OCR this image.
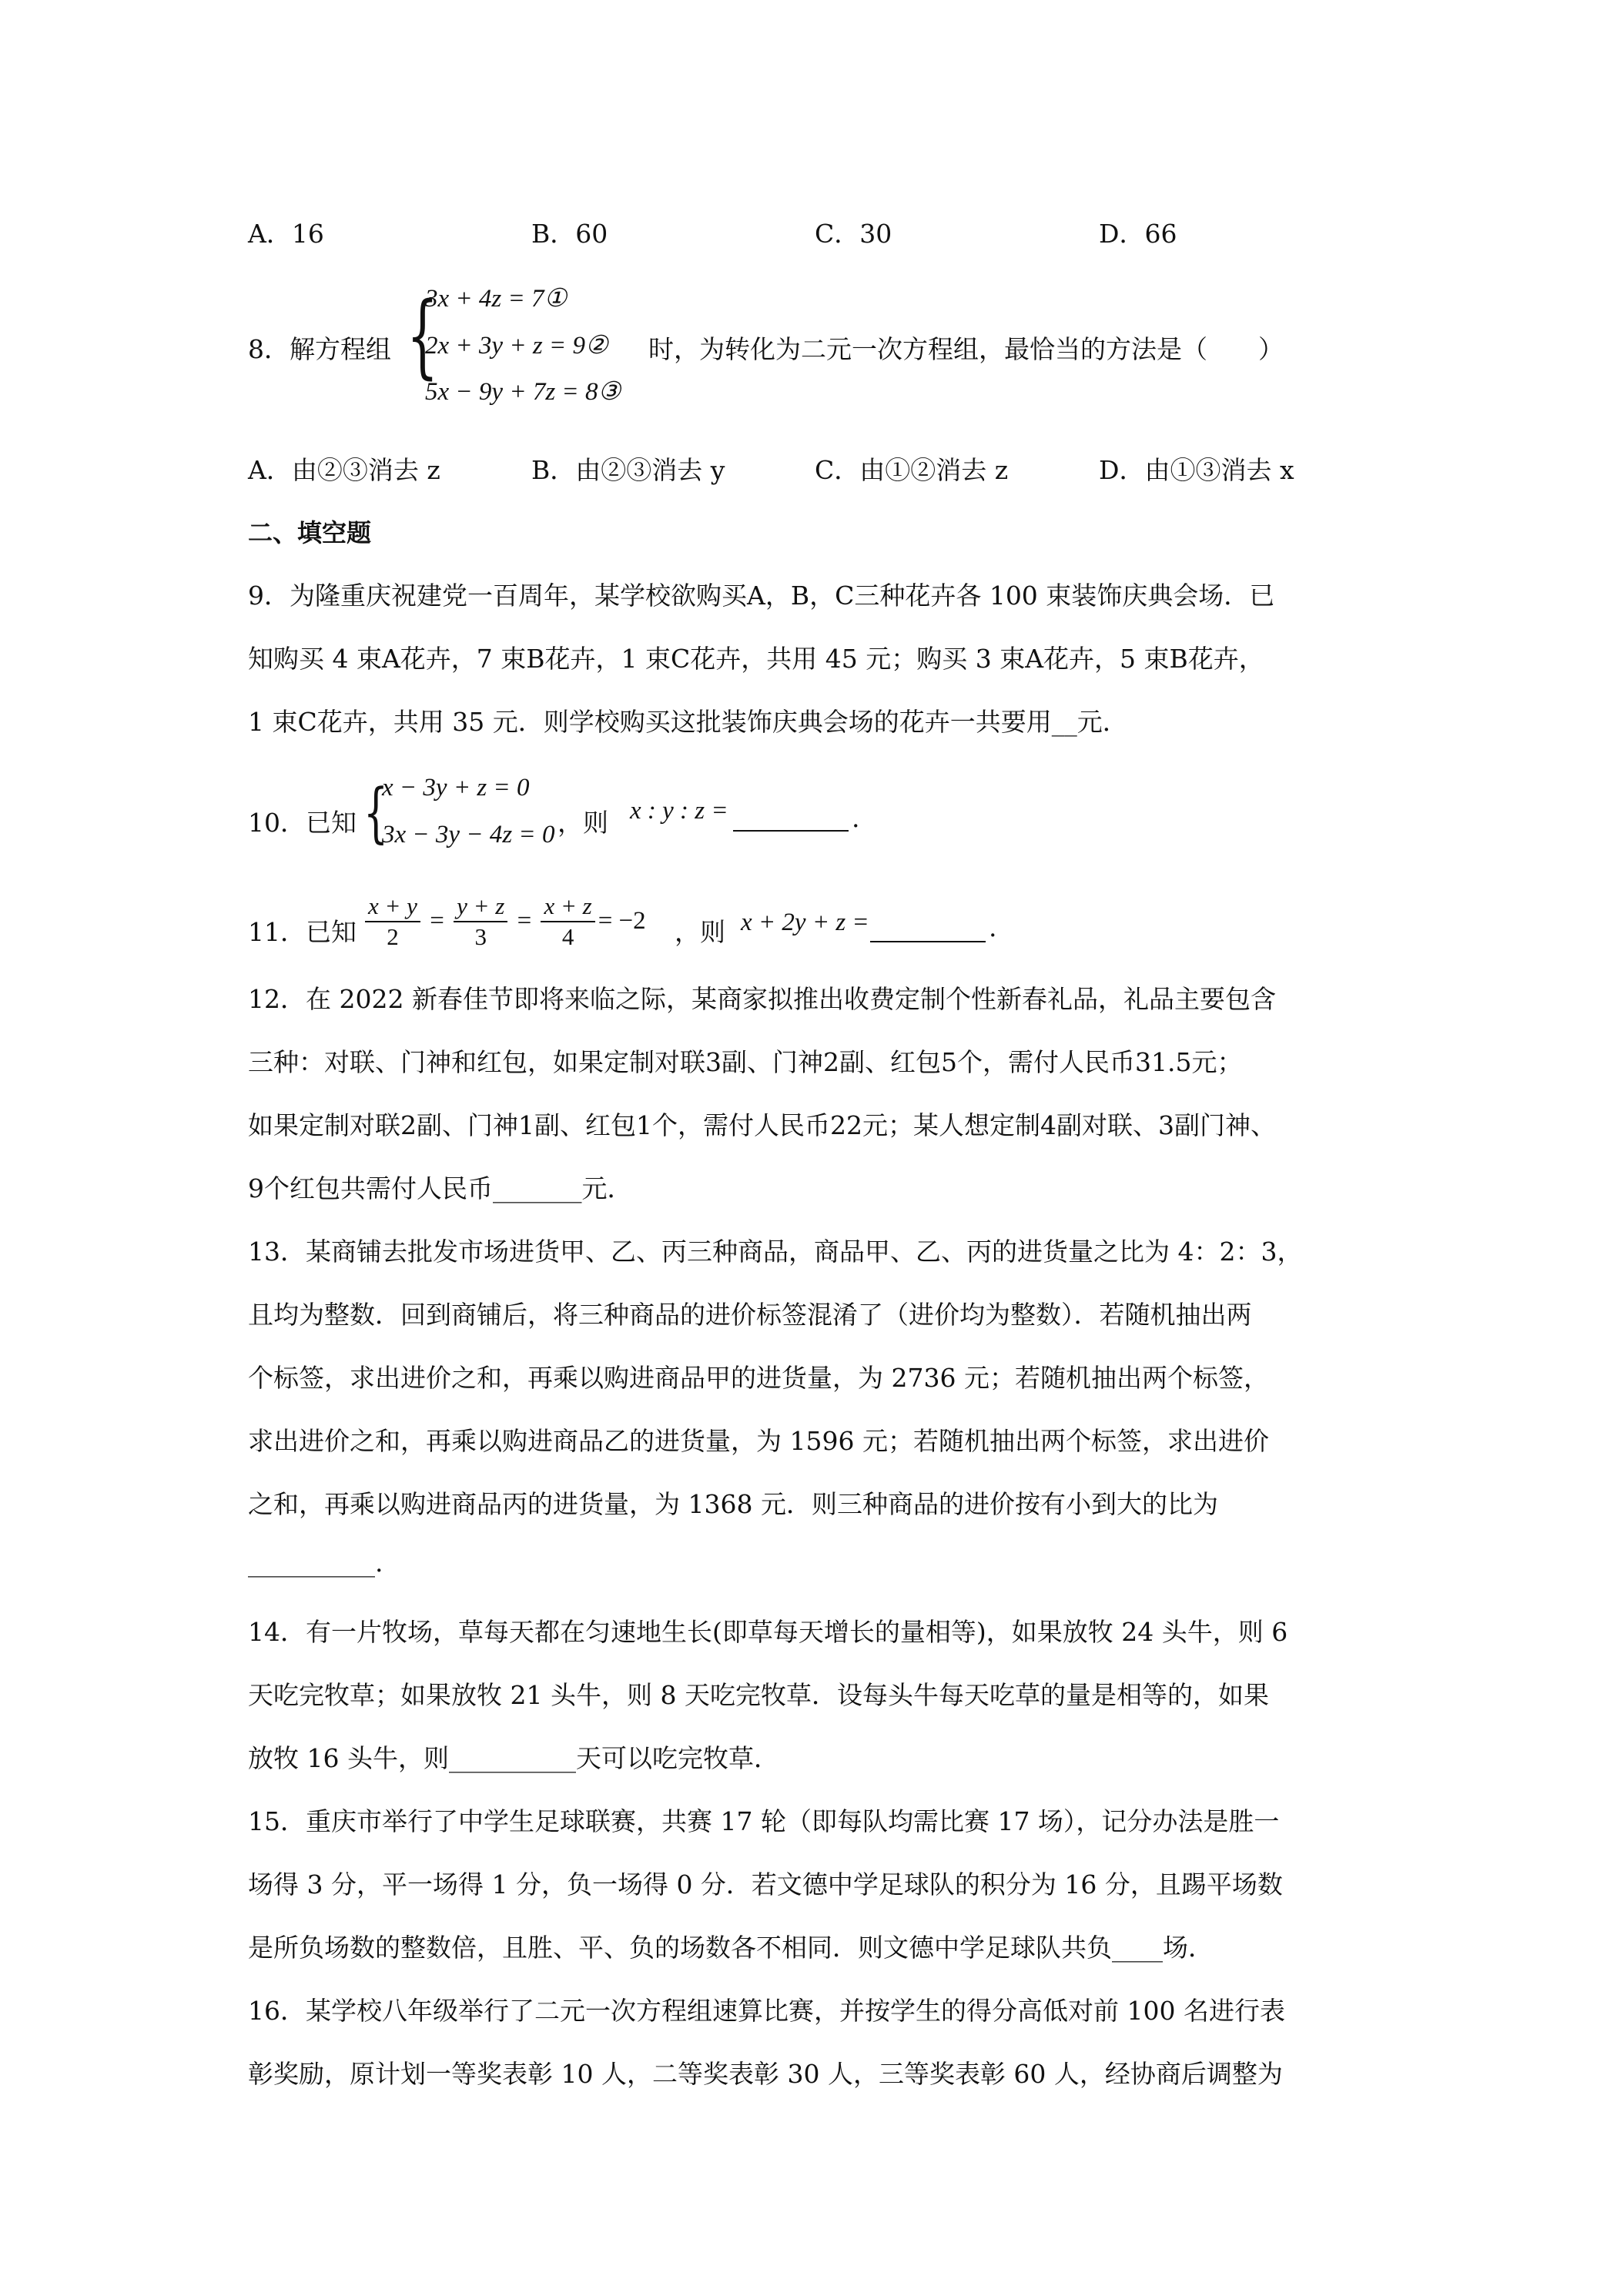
A．16	B．60	C．30	D．66
8．解方程组 {
3x + 4z = 7①
2x + 3y + z = 9②
5x − 9y + 7z = 8③
时，为转化为二元一次方程组，最恰当的方法是（　　）
A．由②③消去 z	B．由②③消去 y	C．由①②消去 z	D．由①③消去 x
二、填空题
9．为隆重庆祝建党一百周年，某学校欲购买A，B，C三种花卉各 100 束装饰庆典会场．已
知购买 4 束A花卉，7 束B花卉，1 束C花卉，共用 45 元；购买 3 束A花卉，5 束B花卉，
1 束C花卉，共用 35 元．则学校购买这批装饰庆典会场的花卉一共要用__元．
10．已知 {
x − 3y + z = 0
3x − 3y − 4z = 0 ，则 x : y : z =	.
11．已知 $\frac{x + y}{2} = \frac{y + z}{3} = \frac{x + z}{4} = -2$ ，则 x + 2y + z =	.
12．在 2022 新春佳节即将来临之际，某商家拟推出收费定制个性新春礼品，礼品主要包含
三种：对联、门神和红包，如果定制对联3副、门神2副、红包5个，需付人民币31.5元；
如果定制对联2副、门神1副、红包1个，需付人民币22元；某人想定制4副对联、3副门神、
9个红包共需付人民币_______元．
13．某商铺去批发市场进货甲、乙、丙三种商品，商品甲、乙、丙的进货量之比为 4：2：3，
且均为整数．回到商铺后，将三种商品的进价标签混淆了（进价均为整数）．若随机抽出两
个标签，求出进价之和，再乘以购进商品甲的进货量，为 2736 元；若随机抽出两个标签，
求出进价之和，再乘以购进商品乙的进货量，为 1596 元；若随机抽出两个标签，求出进价
之和，再乘以购进商品丙的进货量，为 1368 元．则三种商品的进价按有小到大的比为
__________.
14．有一片牧场，草每天都在匀速地生长(即草每天增长的量相等)，如果放牧 24 头牛，则 6
天吃完牧草；如果放牧 21 头牛，则 8 天吃完牧草．设每头牛每天吃草的量是相等的，如果
放牧 16 头牛，则__________天可以吃完牧草．
15．重庆市举行了中学生足球联赛，共赛 17 轮（即每队均需比赛 17 场），记分办法是胜一
场得 3 分，平一场得 1 分，负一场得 0 分．若文德中学足球队的积分为 16 分，且踢平场数
是所负场数的整数倍，且胜、平、负的场数各不相同．则文德中学足球队共负____场．
16．某学校八年级举行了二元一次方程组速算比赛，并按学生的得分高低对前 100 名进行表
彰奖励，原计划一等奖表彰 10 人，二等奖表彰 30 人，三等奖表彰 60 人，经协商后调整为
